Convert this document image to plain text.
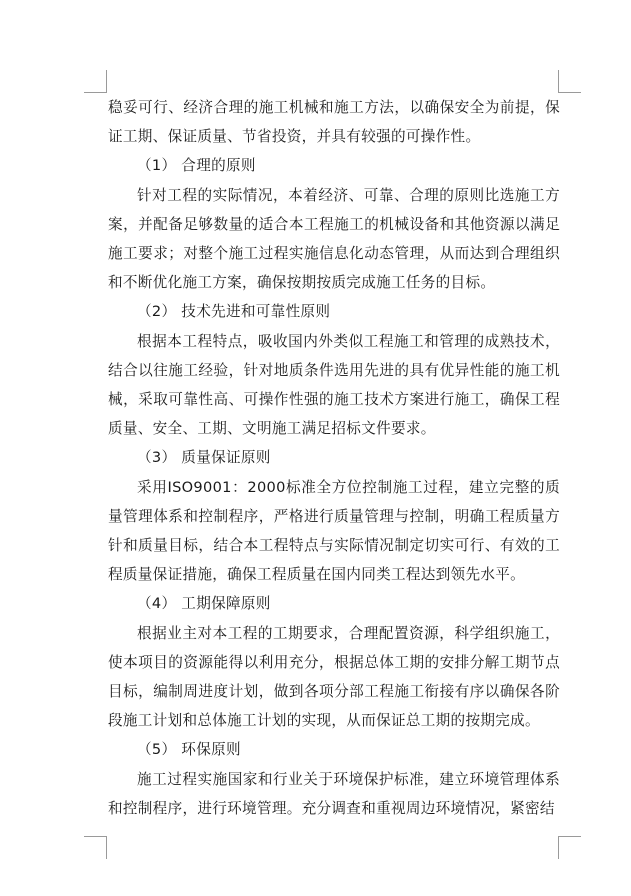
稳妥可行、经济合理的施工机械和施工方法，以确保安全为前提，保证工期、保证质量、节省投资，并具有较强的可操作性。

（1） 合理的原则

针对工程的实际情况，本着经济、可靠、合理的原则比选施工方案，并配备足够数量的适合本工程施工的机械设备和其他资源以满足施工要求；对整个施工过程实施信息化动态管理，从而达到合理组织和不断优化施工方案，确保按期按质完成施工任务的目标。

（2） 技术先进和可靠性原则

根据本工程特点，吸收国内外类似工程施工和管理的成熟技术，结合以往施工经验，针对地质条件选用先进的具有优异性能的施工机械，采取可靠性高、可操作性强的施工技术方案进行施工，确保工程质量、安全、工期、文明施工满足招标文件要求。

（3） 质量保证原则

采用ISO9001：2000标准全方位控制施工过程，建立完整的质量管理体系和控制程序，严格进行质量管理与控制，明确工程质量方针和质量目标，结合本工程特点与实际情况制定切实可行、有效的工程质量保证措施，确保工程质量在国内同类工程达到领先水平。

（4） 工期保障原则

根据业主对本工程的工期要求，合理配置资源，科学组织施工，使本项目的资源能得以利用充分，根据总体工期的安排分解工期节点目标，编制周进度计划，做到各项分部工程施工衔接有序以确保各阶段施工计划和总体施工计划的实现，从而保证总工期的按期完成。

（5） 环保原则

施工过程实施国家和行业关于环境保护标准，建立环境管理体系和控制程序，进行环境管理。充分调查和重视周边环境情况，紧密结
